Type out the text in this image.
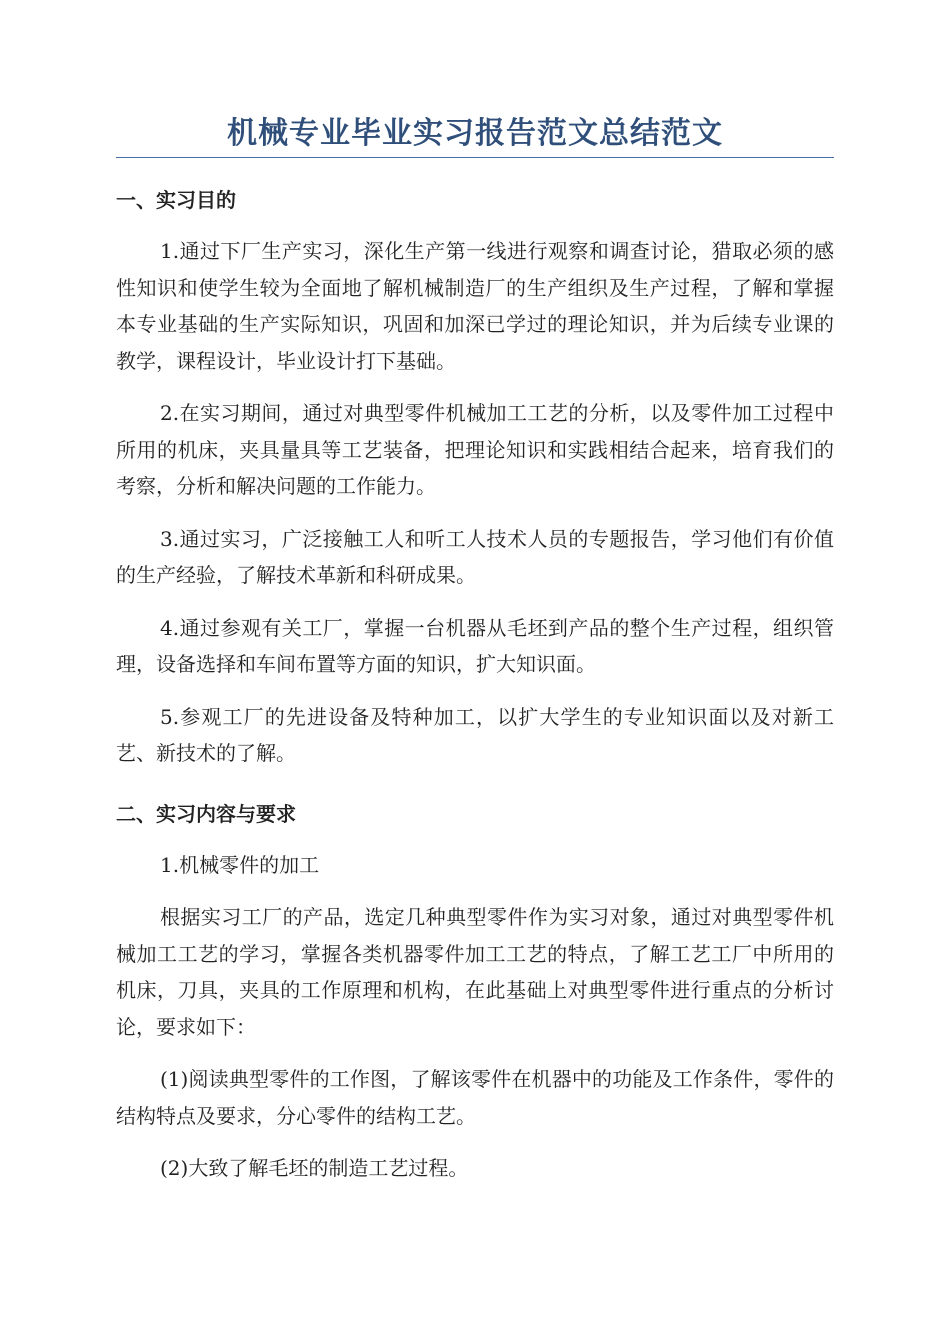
机械专业毕业实习报告范文总结范文
一、实习目的

1.通过下厂生产实习，深化生产第一线进行观察和调查讨论，猎取必须的感性知识和使学生较为全面地了解机械制造厂的生产组织及生产过程，了解和掌握本专业基础的生产实际知识，巩固和加深已学过的理论知识，并为后续专业课的教学，课程设计，毕业设计打下基础。

2.在实习期间，通过对典型零件机械加工工艺的分析，以及零件加工过程中所用的机床，夹具量具等工艺装备，把理论知识和实践相结合起来，培育我们的考察，分析和解决问题的工作能力。

3.通过实习，广泛接触工人和听工人技术人员的专题报告，学习他们有价值的生产经验，了解技术革新和科研成果。

4.通过参观有关工厂，掌握一台机器从毛坯到产品的整个生产过程，组织管理，设备选择和车间布置等方面的知识，扩大知识面。

5.参观工厂的先进设备及特种加工，以扩大学生的专业知识面以及对新工艺、新技术的了解。

二、实习内容与要求

1.机械零件的加工

根据实习工厂的产品，选定几种典型零件作为实习对象，通过对典型零件机械加工工艺的学习，掌握各类机器零件加工工艺的特点，了解工艺工厂中所用的机床，刀具，夹具的工作原理和机构，在此基础上对典型零件进行重点的分析讨论，要求如下：

(1)阅读典型零件的工作图，了解该零件在机器中的功能及工作条件，零件的结构特点及要求，分心零件的结构工艺。

(2)大致了解毛坯的制造工艺过程。
